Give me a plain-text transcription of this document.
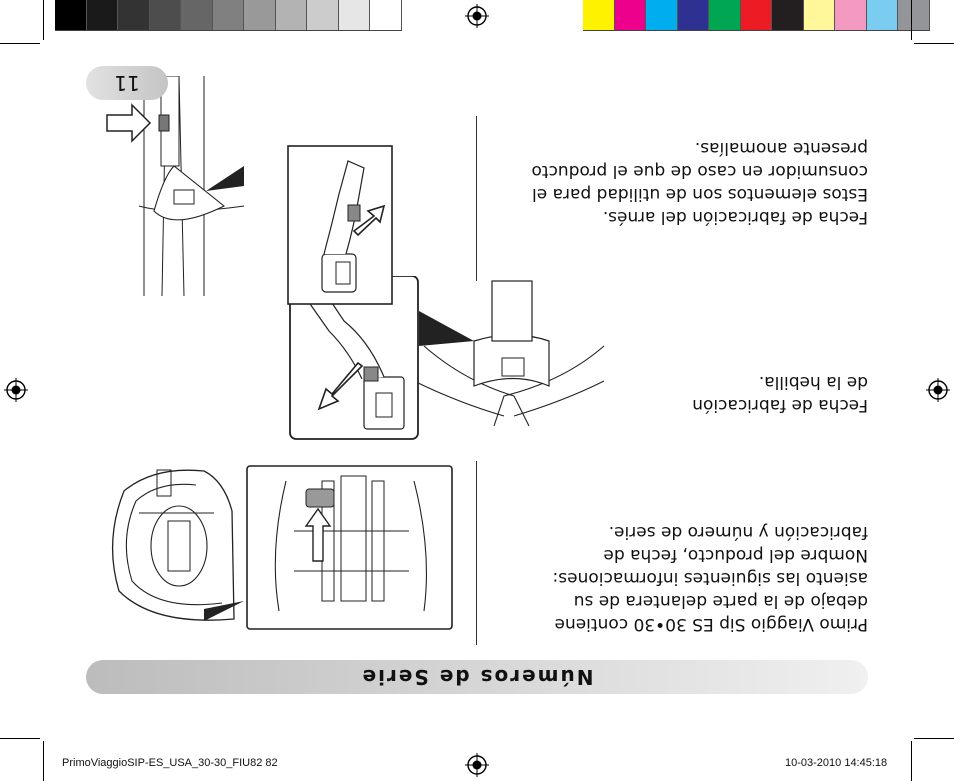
PrimoViaggioSIP-ES_USA_30-30_FIU82 82	10-03-2010 14:45:18
Números de Serie
Primo Viaggio Sip ES 30•30 contiene
debajo de la parte delantera de su
asiento las siguientes informaciones:
Nombre del producto, fecha de
fabricación y número de serie.
Fecha de fabricación
de la hebilla.
Fecha de fabricación del arnés.
Estos elementos son de utilidad para el
consumidor en caso de que el producto
presente anomalías.
11
